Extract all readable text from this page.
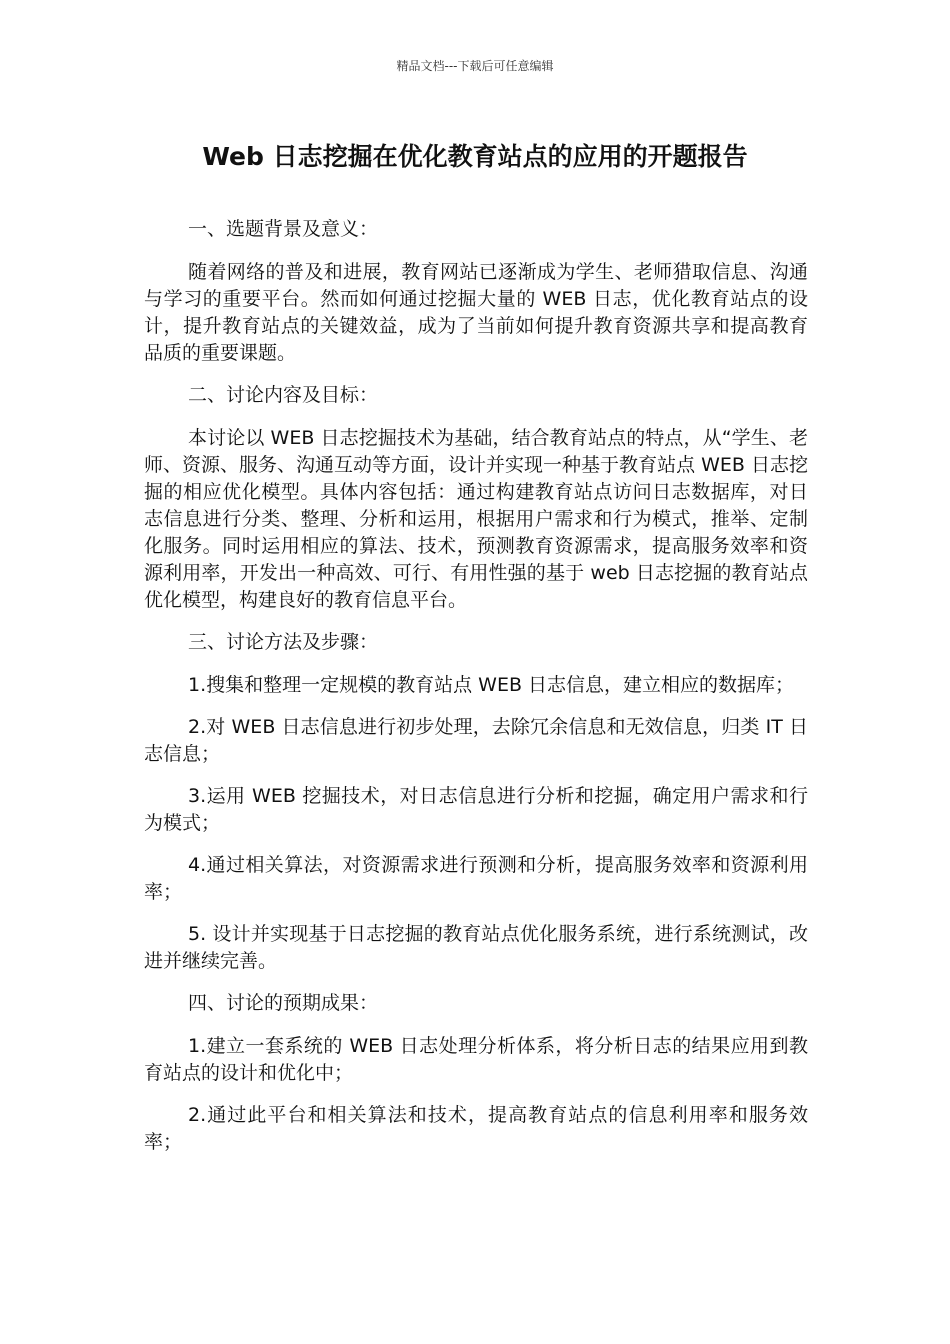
精品文档---下载后可任意编辑
Web 日志挖掘在优化教育站点的应用的开题报告

一、选题背景及意义：

随着网络的普及和进展，教育网站已逐渐成为学生、老师猎取信息、沟通与学习的重要平台。然而如何通过挖掘大量的 WEB 日志，优化教育站点的设计，提升教育站点的关键效益，成为了当前如何提升教育资源共享和提高教育品质的重要课题。

二、讨论内容及目标：

本讨论以 WEB 日志挖掘技术为基础，结合教育站点的特点，从“学生、老师、资源、服务、沟通互动等方面，设计并实现一种基于教育站点 WEB 日志挖掘的相应优化模型。具体内容包括：通过构建教育站点访问日志数据库，对日志信息进行分类、整理、分析和运用，根据用户需求和行为模式，推举、定制化服务。同时运用相应的算法、技术，预测教育资源需求，提高服务效率和资源利用率，开发出一种高效、可行、有用性强的基于 web 日志挖掘的教育站点优化模型，构建良好的教育信息平台。

三、讨论方法及步骤：

1.搜集和整理一定规模的教育站点 WEB 日志信息，建立相应的数据库；

2.对 WEB 日志信息进行初步处理，去除冗余信息和无效信息，归类 IT 日志信息；

3.运用 WEB 挖掘技术，对日志信息进行分析和挖掘，确定用户需求和行为模式；

4.通过相关算法，对资源需求进行预测和分析，提高服务效率和资源利用率；

5. 设计并实现基于日志挖掘的教育站点优化服务系统，进行系统测试，改进并继续完善。

四、讨论的预期成果：

1.建立一套系统的 WEB 日志处理分析体系，将分析日志的结果应用到教育站点的设计和优化中；

2.通过此平台和相关算法和技术，提高教育站点的信息利用率和服务效率；
